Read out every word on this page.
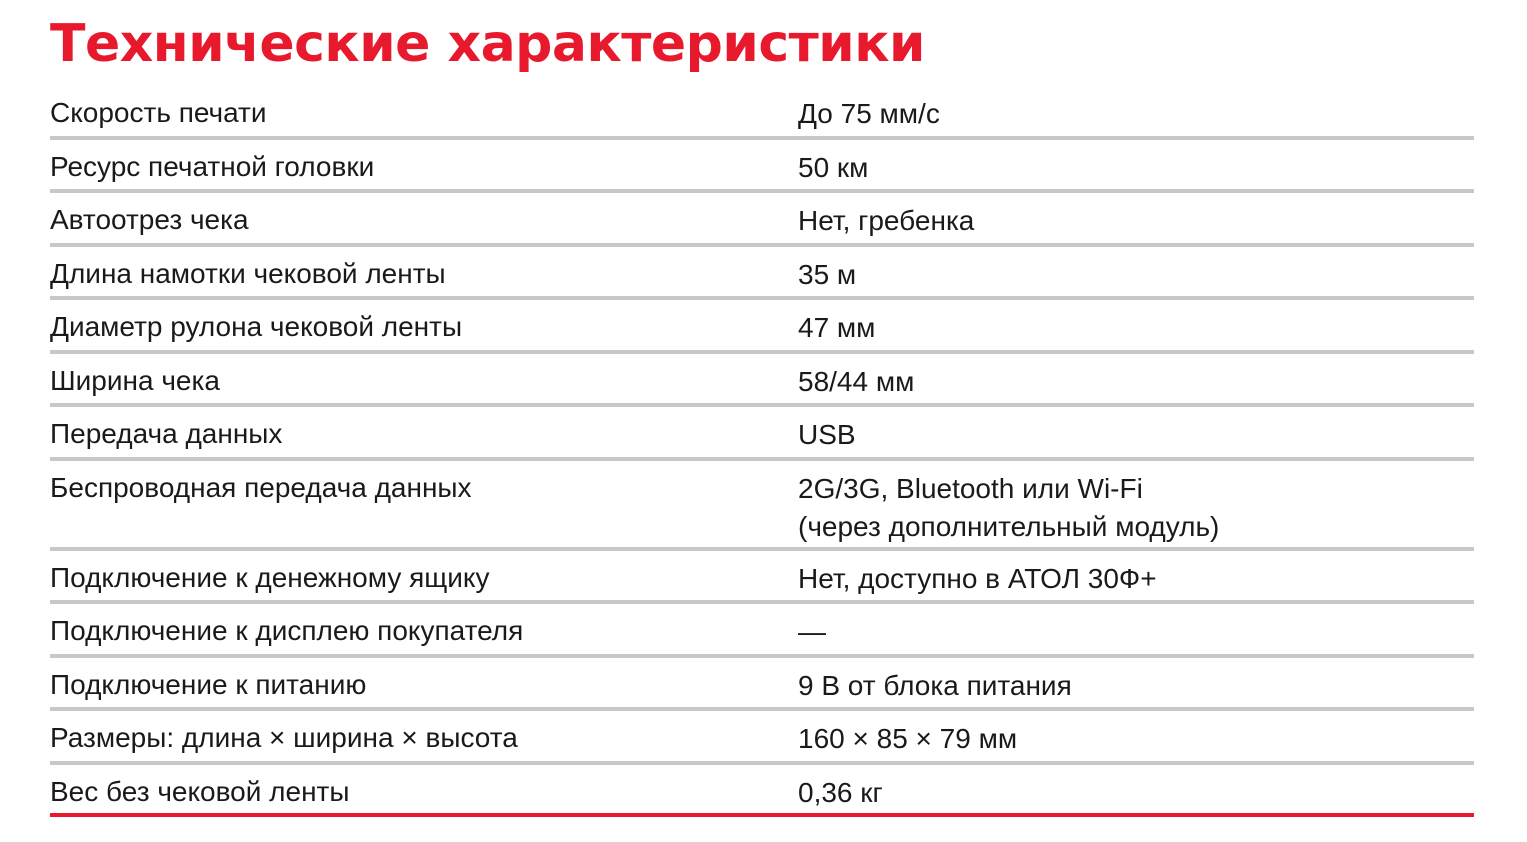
Технические характеристики
Скорость печати	До 75 мм/с
Ресурс печатной головки	50 км
Автоотрез чека	Нет, гребенка
Длина намотки чековой ленты	35 м
Диаметр рулона чековой ленты	47 мм
Ширина чека	58/44 мм
Передача данных	USB
Беспроводная передача данных	2G/3G, Bluetooth или Wi-Fi
(через дополнительный модуль)
Подключение к денежному ящику	Нет, доступно в АТОЛ 30Ф+
Подключение к дисплею покупателя	—
Подключение к питанию	9 В от блока питания
Размеры: длина × ширина × высота	160 × 85 × 79 мм
Вес без чековой ленты	0,36 кг
